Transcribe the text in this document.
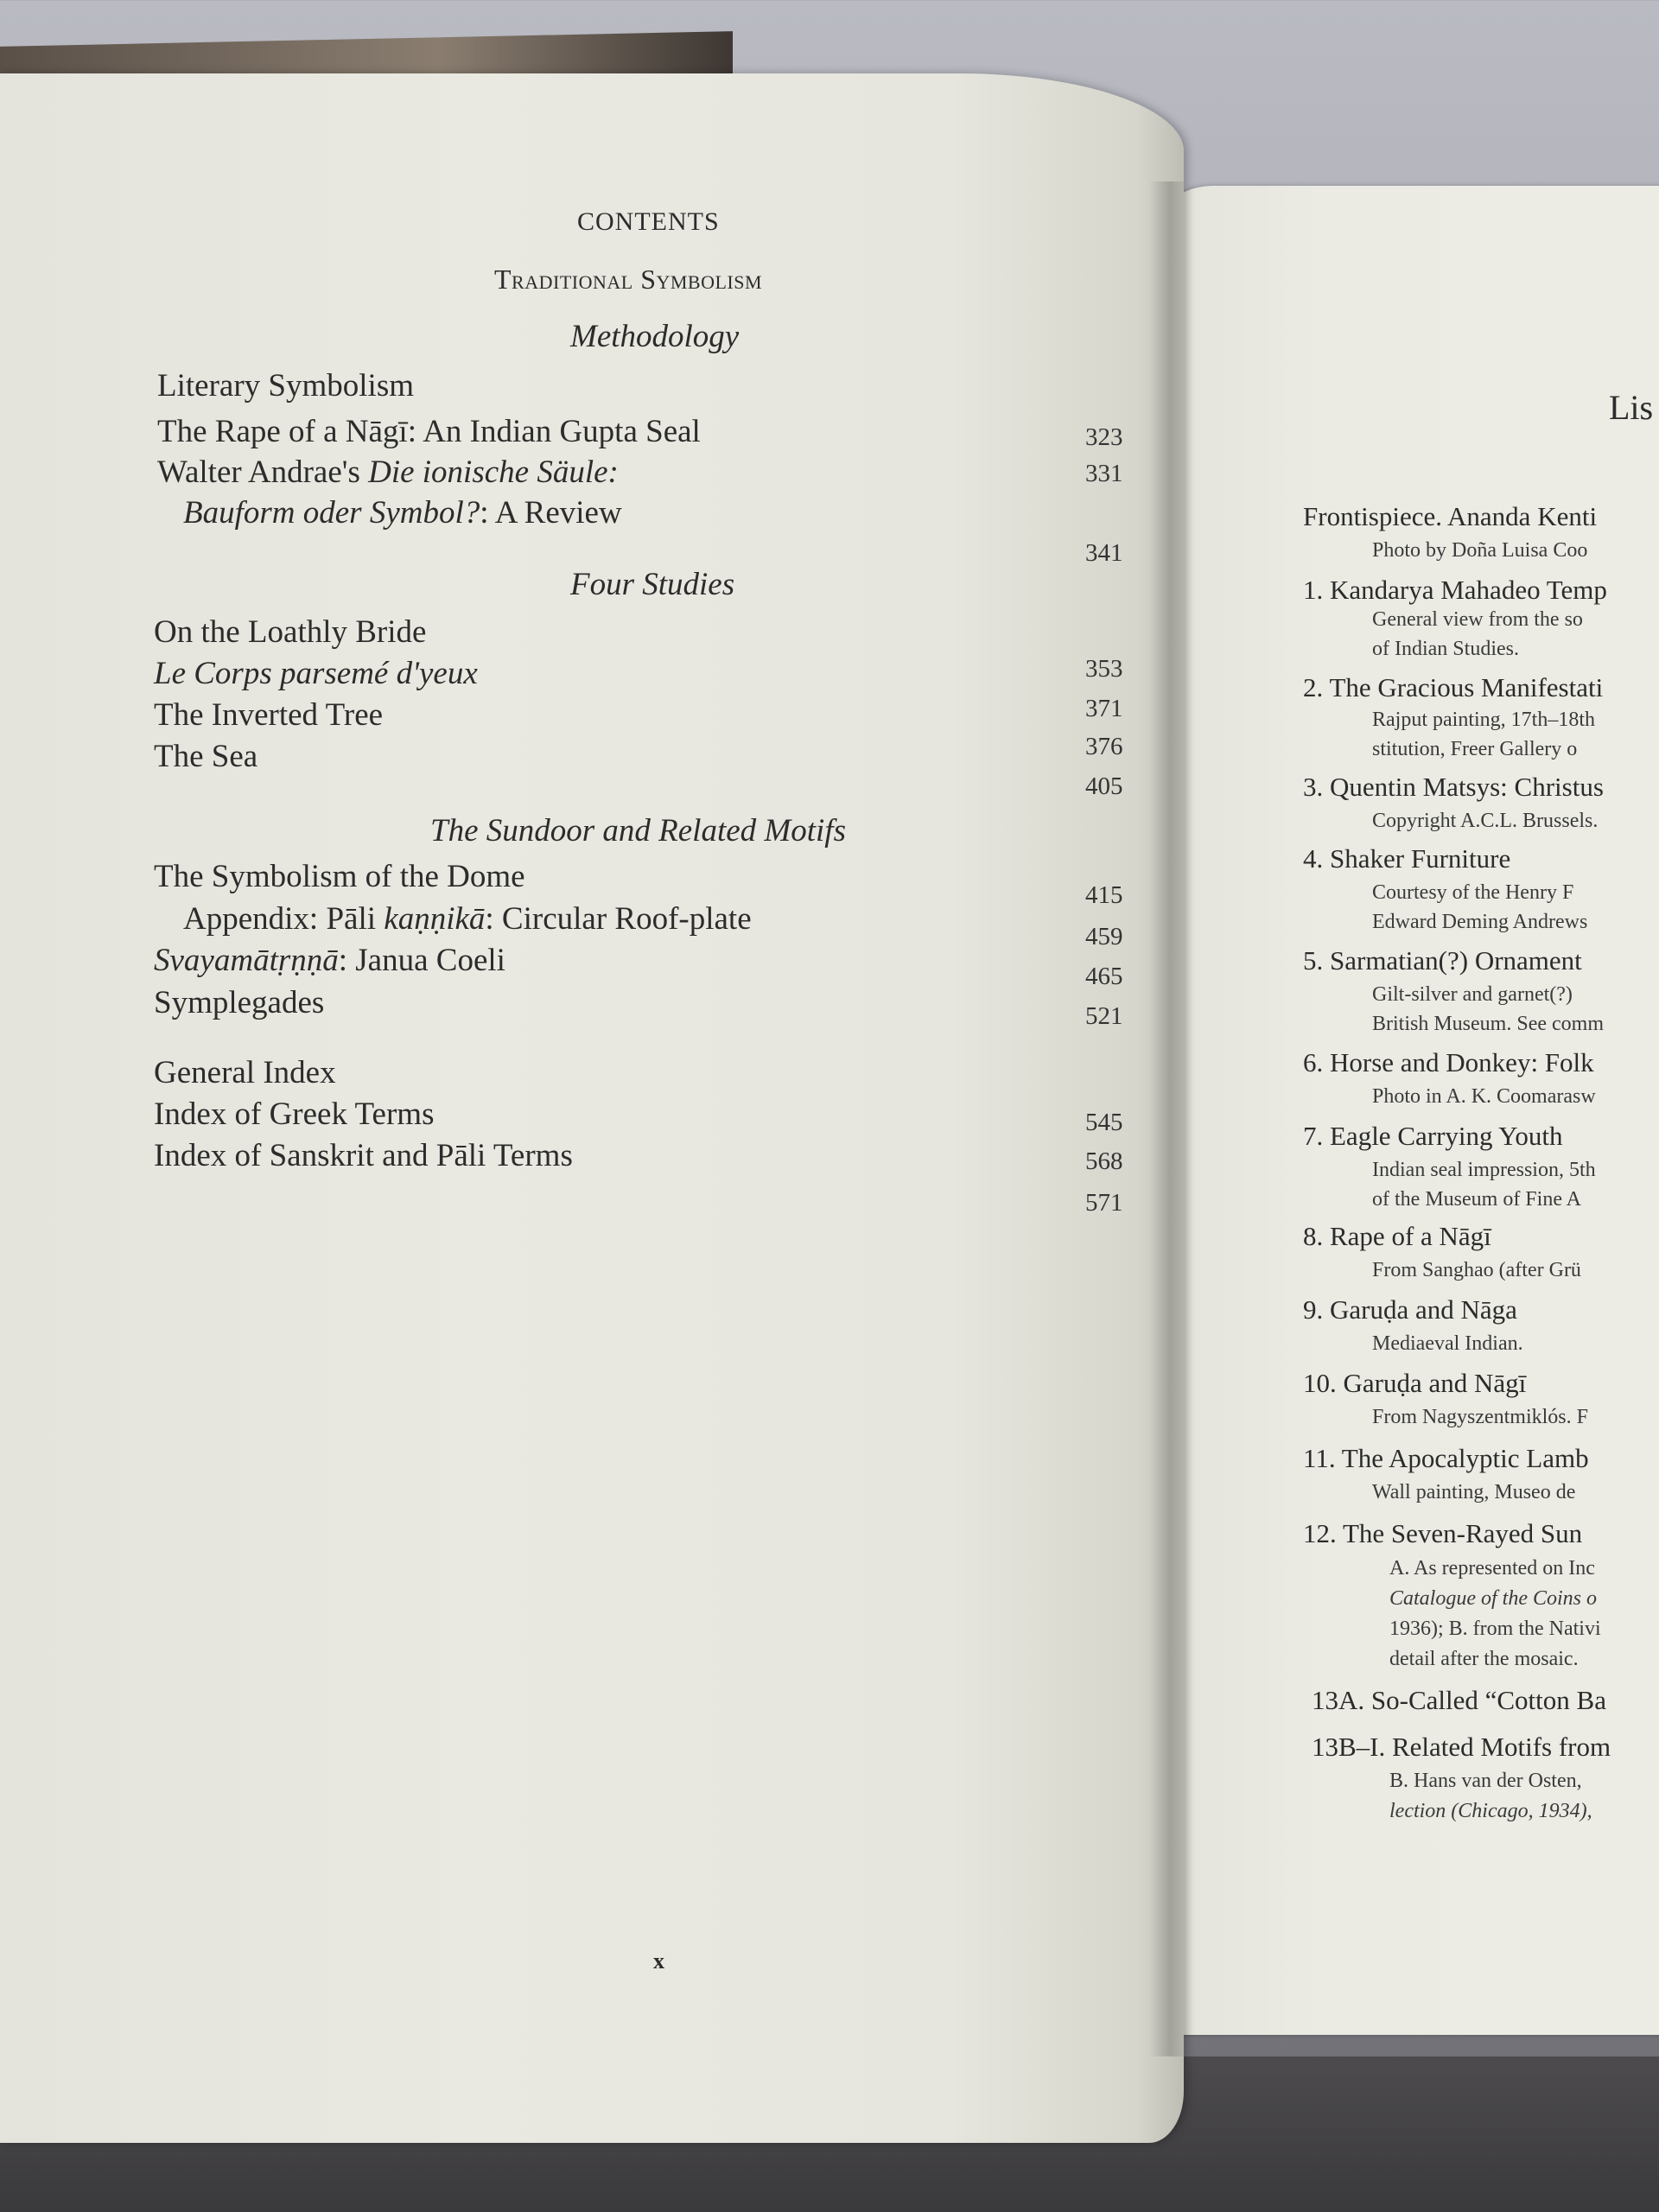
CONTENTS
Traditional Symbolism
Methodology
Literary Symbolism
The Rape of a Nāgī: An Indian Gupta Seal
Walter Andrae's Die ionische Säule:
Bauform oder Symbol?: A Review
Four Studies
On the Loathly Bride
Le Corps parsemé d'yeux
The Inverted Tree
The Sea
The Sundoor and Related Motifs
The Symbolism of the Dome
Appendix: Pāli kaṇṇikā: Circular Roof-plate
Svayamātṛṇṇā: Janua Coeli
Symplegades
General Index
Index of Greek Terms
Index of Sanskrit and Pāli Terms
323
331
341
353
371
376
405
415
459
465
521
545
568
571
x
Lis
Frontispiece. Ananda Kenti
Photo by Doña Luisa Coo
1. Kandarya Mahadeo Temp
General view from the so
of Indian Studies.
2. The Gracious Manifestati
Rajput painting, 17th–18th
stitution, Freer Gallery o
3. Quentin Matsys: Christus
Copyright A.C.L. Brussels.
4. Shaker Furniture
Courtesy of the Henry F
Edward Deming Andrews
5. Sarmatian(?) Ornament
Gilt-silver and garnet(?)
British Museum. See comm
6. Horse and Donkey: Folk
Photo in A. K. Coomarasw
7. Eagle Carrying Youth
Indian seal impression, 5th
of the Museum of Fine A
8. Rape of a Nāgī
From Sanghao (after Grü
9. Garuḍa and Nāga
Mediaeval Indian.
10. Garuḍa and Nāgī
From Nagyszentmiklós. F
11. The Apocalyptic Lamb
Wall painting, Museo de
12. The Seven-Rayed Sun
A. As represented on Inc
Catalogue of the Coins o
1936); B. from the Nativi
detail after the mosaic.
13A. So-Called “Cotton Ba
13B–I. Related Motifs from
B. Hans van der Osten,
lection (Chicago, 1934),
